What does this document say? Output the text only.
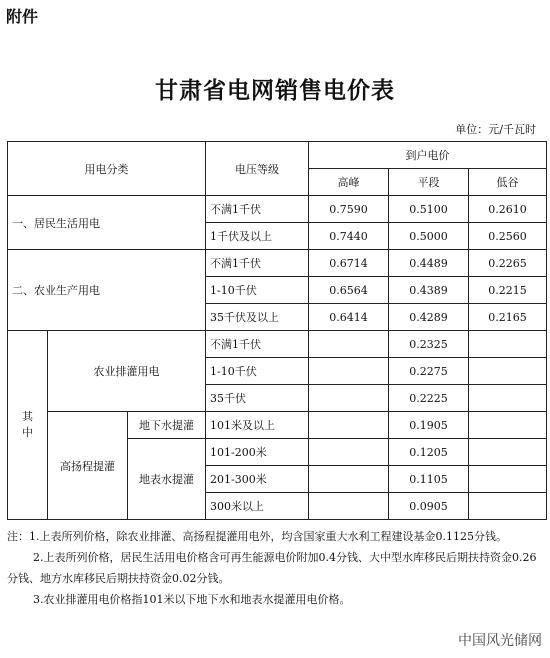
附件
甘肃省电网销售电价表
单位：元/千瓦时
用电分类			电压等级	到户电价		
				高峰	平段	低谷
一、居民生活用电			不满1千伏	0.7590	0.5100	0.2610
			1千伏及以上	0.7440	0.5000	0.2560
二、农业生产用电			不满1千伏	0.6714	0.4489	0.2265
			1-10千伏	0.6564	0.4389	0.2215
			35千伏及以上	0.6414	0.4289	0.2165
其中	农业排灌用电		不满1千伏		0.2325	
			1-10千伏		0.2275	
			35千伏		0.2225	
	高扬程提灌	地下水提灌	101米及以上		0.1905	
		地表水提灌	101-200米		0.1205	
			201-300米		0.1105	
			300米以上		0.0905	

注：1.上表所列价格，除农业排灌、高扬程提灌用电外，均含国家重大水利工程建设基金0.1125分钱。

2.上表所列价格，居民生活用电价格含可再生能源电价附加0.4分钱、大中型水库移民后期扶持资金0.26分钱、地方水库移民后期扶持资金0.02分钱。

3.农业排灌用电价格指101米以下地下水和地表水提灌用电价格。

中国风光储网
